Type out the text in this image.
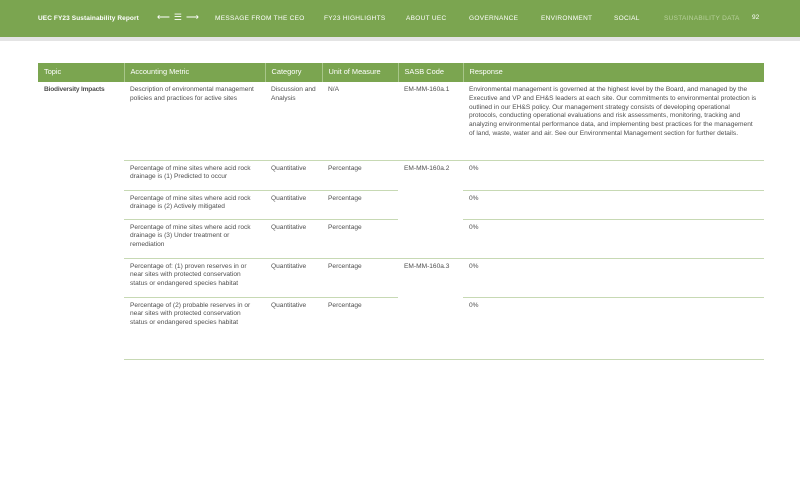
UEC FY23 Sustainability Report ⟵ ☰ ⟶ MESSAGE FROM THE CEO	FY23 HIGHLIGHTS	ABOUT UEC	GOVERNANCE	ENVIRONMENT	SOCIAL	SUSTAINABILITY DATA 92
Topic	Accounting Metric	Category	Unit of Measure	SASB Code	Response
Biodiversity Impacts	Description of environmental management policies and practices for active sites	Discussion and Analysis	N/A	EM-MM-160a.1	Environmental management is governed at the highest level by the Board, and managed by the Executive and VP and EH&S leaders at each site. Our commitments to environmental protection is outlined in our EH&S policy. Our management strategy consists of developing operational protocols, conducting operational evaluations and risk assessments, monitoring, tracking and analyzing environmental performance data, and implementing best practices for the management of land, waste, water and air. See our Environmental Management section for further details.
	Percentage of mine sites where acid rock drainage is (1) Predicted to occur	Quantitative	Percentage	EM-MM-160a.2	0%
	Percentage of mine sites where acid rock drainage is (2) Actively mitigated	Quantitative	Percentage		0%
	Percentage of mine sites where acid rock drainage is (3) Under treatment or remediation	Quantitative	Percentage		0%
	Percentage of: (1) proven reserves in or near sites with protected conservation status or endangered species habitat	Quantitative	Percentage	EM-MM-160a.3	0%
	Percentage of (2) probable reserves in or near sites with protected conservation status or endangered species habitat	Quantitative	Percentage		0%
